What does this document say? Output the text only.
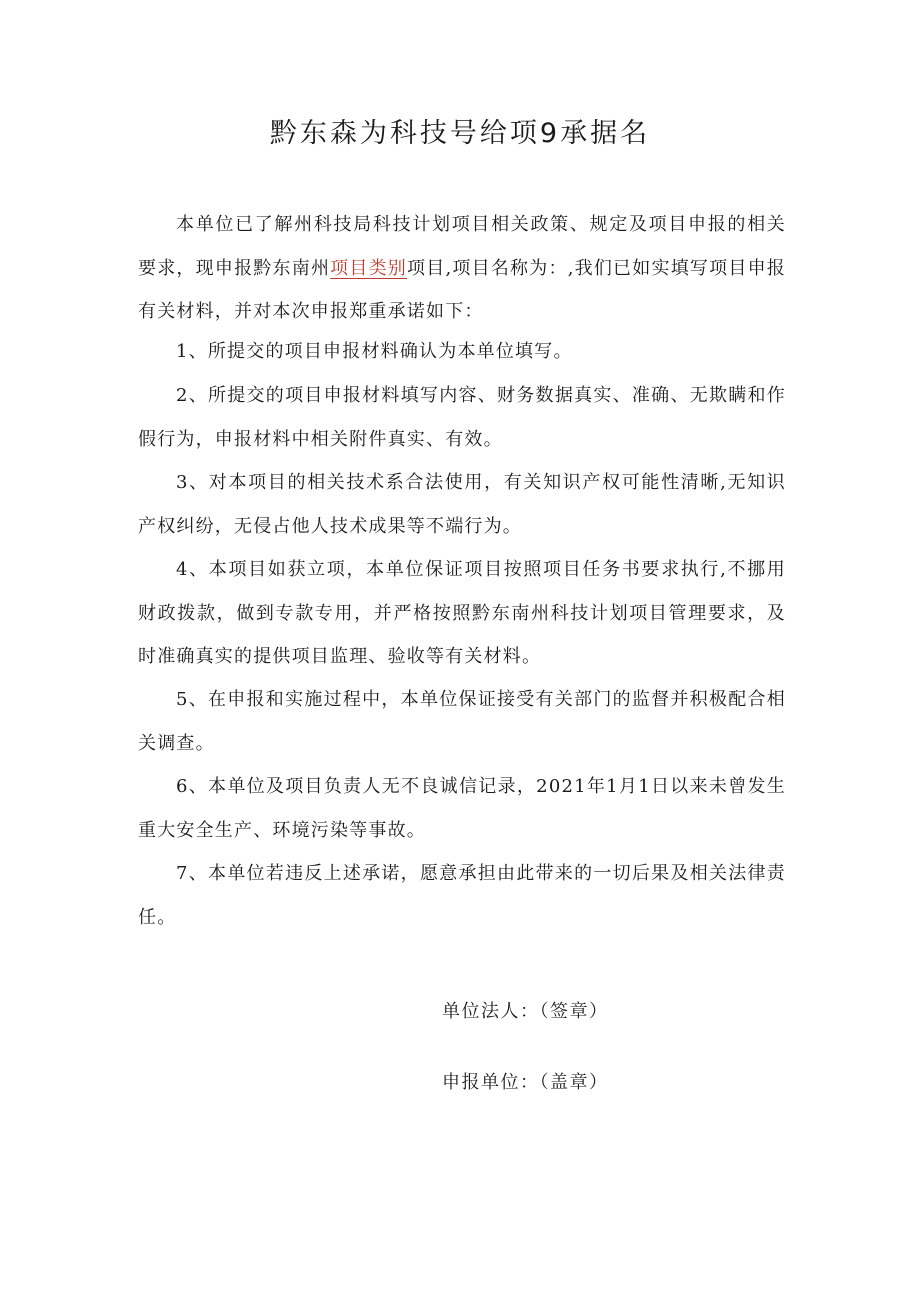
黔东森为科技号给项9承据名

本单位已了解州科技局科技计划项目相关政策、规定及项目申报的相关要求，现申报黔东南州项目类别项目,项目名称为：,我们已如实填写项目申报有关材料，并对本次申报郑重承诺如下：

1、所提交的项目申报材料确认为本单位填写。

2、所提交的项目申报材料填写内容、财务数据真实、准确、无欺瞒和作假行为，申报材料中相关附件真实、有效。

3、对本项目的相关技术系合法使用，有关知识产权可能性清晰,无知识产权纠纷，无侵占他人技术成果等不端行为。

4、本项目如获立项，本单位保证项目按照项目任务书要求执行,不挪用财政拨款，做到专款专用，并严格按照黔东南州科技计划项目管理要求，及时准确真实的提供项目监理、验收等有关材料。

5、在申报和实施过程中，本单位保证接受有关部门的监督并积极配合相关调查。

6、本单位及项目负责人无不良诚信记录，2021年1月1日以来未曾发生重大安全生产、环境污染等事故。

7、本单位若违反上述承诺，愿意承担由此带来的一切后果及相关法律责任。

单位法人：（签章）

申报单位：（盖章）
